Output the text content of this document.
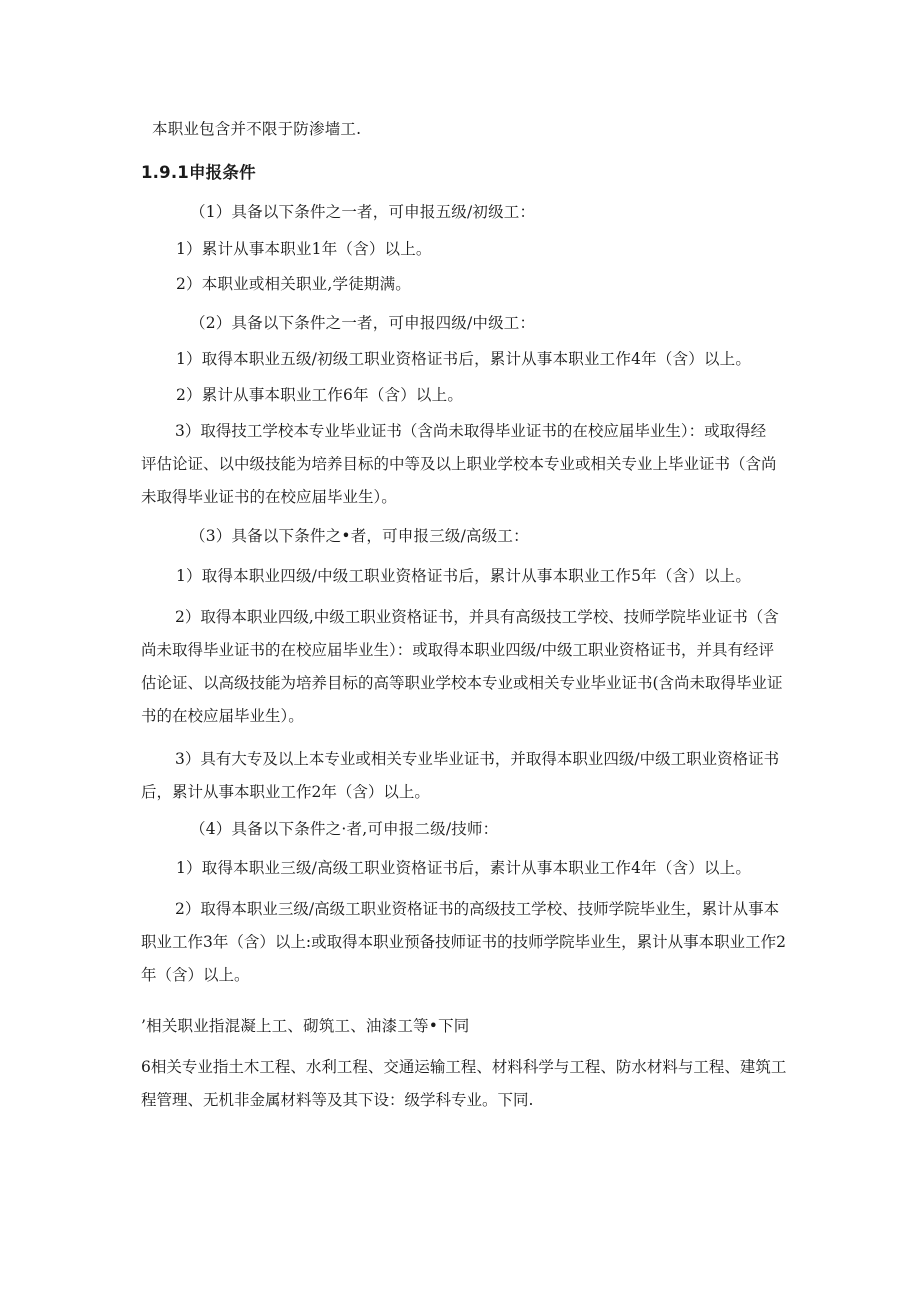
本职业包含并不限于防渗墙工.
1.9.1申报条件
（1）具备以下条件之一者，可申报五级/初级工：
1）累计从事本职业1年（含）以上。
2）本职业或相关职业,学徒期满。
（2）具备以下条件之一者，可申报四级/中级工：
1）取得本职业五级/初级工职业资格证书后，累计从事本职业工作4年（含）以上。
2）累计从事本职业工作6年（含）以上。
3）取得技工学校本专业毕业证书（含尚未取得毕业证书的在校应届毕业生）：或取得经
评估论证、以中级技能为培养目标的中等及以上职业学校本专业或相关专业上毕业证书（含尚
未取得毕业证书的在校应届毕业生）。
（3）具备以下条件之•者，可申报三级/高级工：
1）取得本职业四级/中级工职业资格证书后，累计从事本职业工作5年（含）以上。
2）取得本职业四级,中级工职业资格证书，并具有高级技工学校、技师学院毕业证书（含
尚未取得毕业证书的在校应届毕业生）：或取得本职业四级/中级工职业资格证书，并具有经评
估论证、以高级技能为培养目标的高等职业学校本专业或相关专业毕业证书(含尚未取得毕业证
书的在校应届毕业生）。
3）具有大专及以上本专业或相关专业毕业证书，并取得本职业四级/中级工职业资格证书
后，累计从事本职业工作2年（含）以上。
（4）具备以下条件之·者,可申报二级/技师：
1）取得本职业三级/高级工职业资格证书后，素计从事本职业工作4年（含）以上。
2）取得本职业三级/高级工职业资格证书的高级技工学校、技师学院毕业生，累计从事本
职业工作3年（含）以上:或取得本职业预备技师证书的技师学院毕业生，累计从事本职业工作2
年（含）以上。
’相关职业指混凝上工、砌筑工、油漆工等•下同
6相关专业指土木工程、水利工程、交通运输工程、材料科学与工程、防水材料与工程、建筑工
程管理、无机非金属材料等及其下设：级学科专业。下同.
